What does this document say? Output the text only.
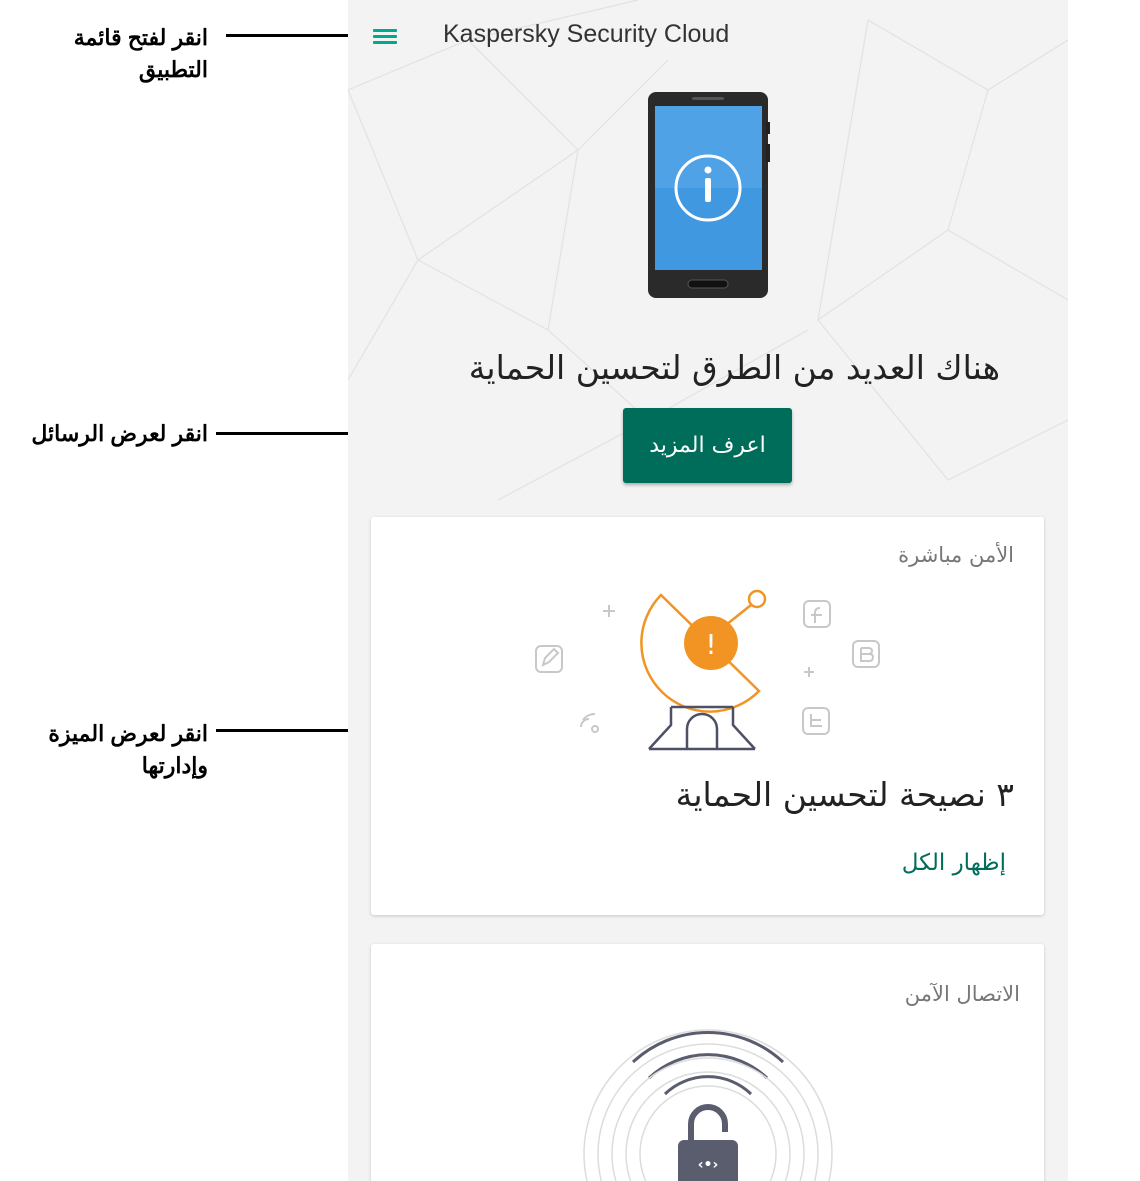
انقر لفتح قائمة التطبيق
انقر لعرض الرسائل
انقر لعرض الميزة وإدارتها
Kaspersky Security Cloud
هناك العديد من الطرق لتحسين الحماية
اعرف المزيد
الأمن مباشرة
!
٣ نصيحة لتحسين الحماية
إظهار الكل
الاتصال الآمن
‹•›
